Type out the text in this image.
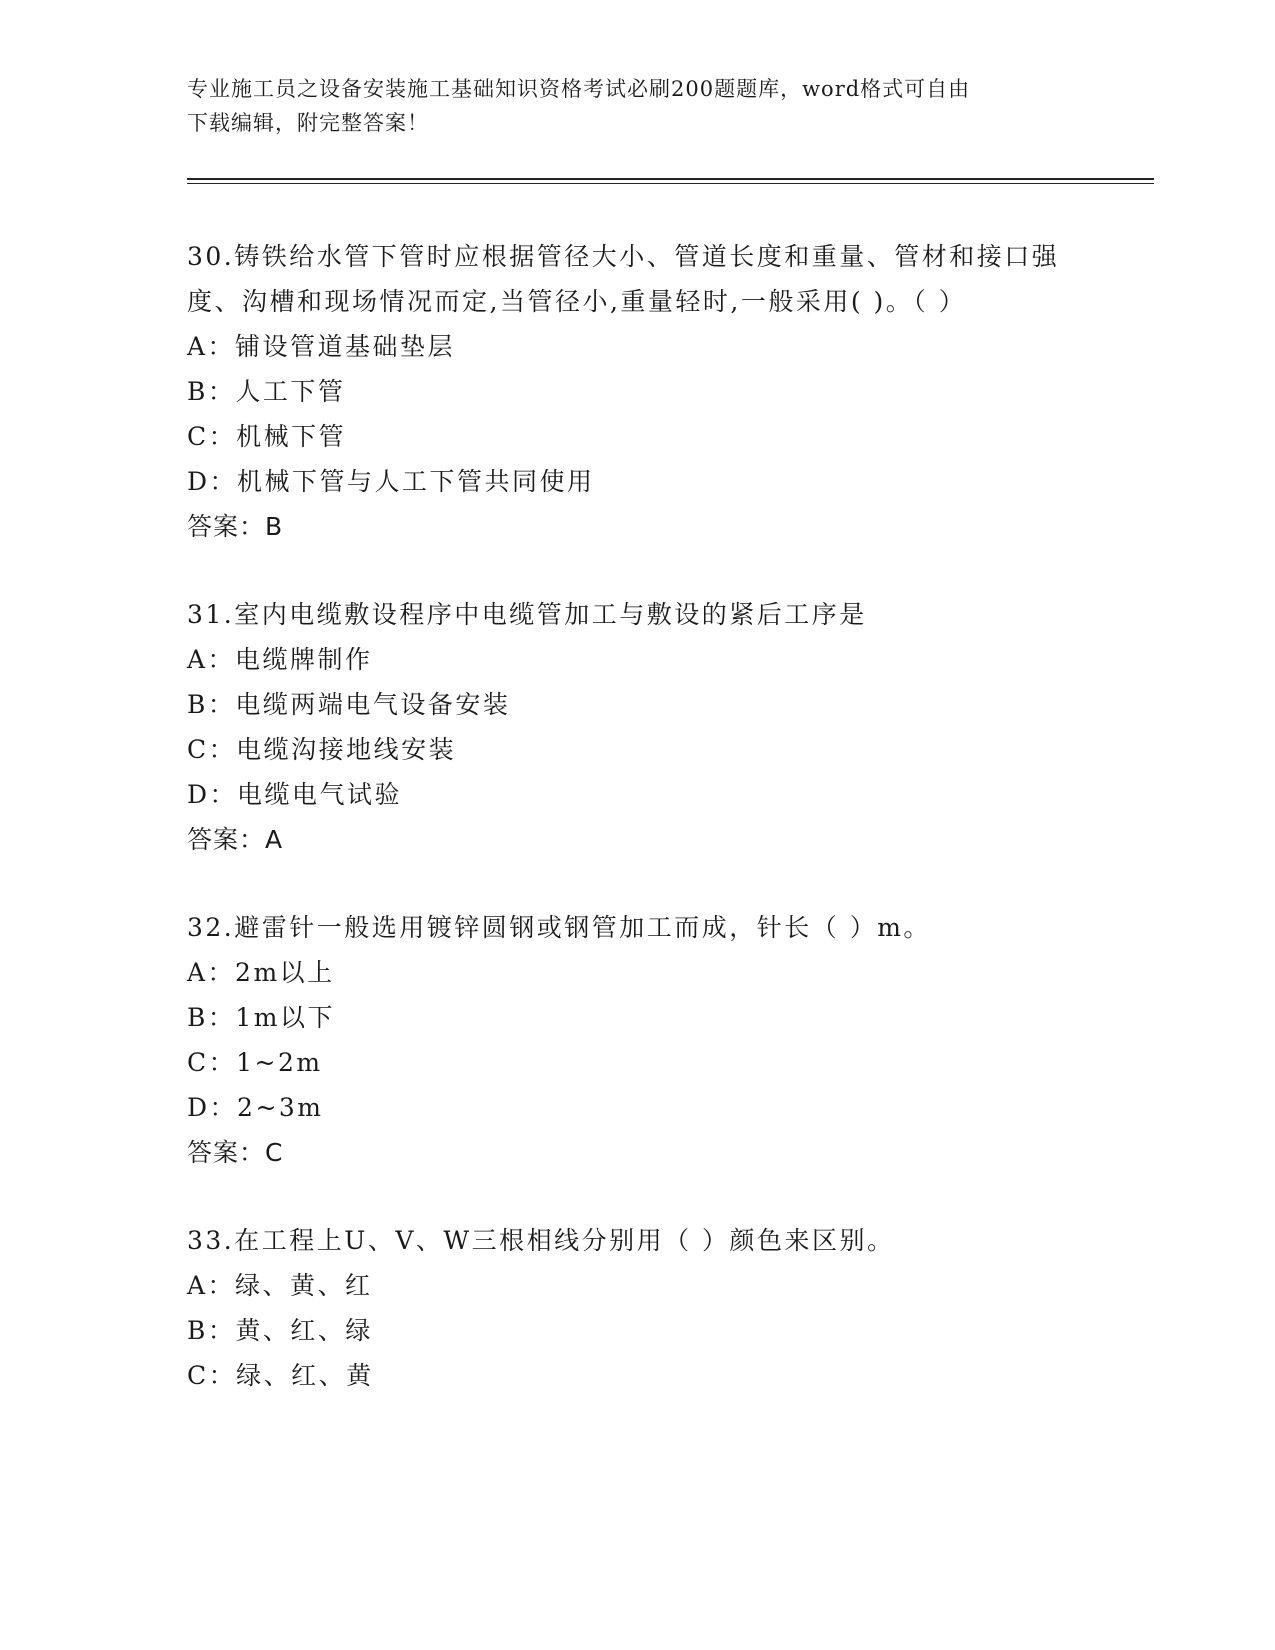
专业施工员之设备安装施工基础知识资格考试必刷200题题库，word格式可自由
下载编辑，附完整答案！
30.铸铁给水管下管时应根据管径大小、管道长度和重量、管材和接口强度、沟槽和现场情况而定,当管径小,重量轻时,一般采用( )。（ ）
A：铺设管道基础垫层
B：人工下管
C：机械下管
D：机械下管与人工下管共同使用
答案：B
31.室内电缆敷设程序中电缆管加工与敷设的紧后工序是
A：电缆牌制作
B：电缆两端电气设备安装
C：电缆沟接地线安装
D：电缆电气试验
答案：A
32.避雷针一般选用镀锌圆钢或钢管加工而成，针长（ ）m。
A：2m以上
B：1m以下
C：1~2m
D：2~3m
答案：C
33.在工程上U、V、W三根相线分别用（ ）颜色来区别。
A：绿、黄、红
B：黄、红、绿
C：绿、红、黄
